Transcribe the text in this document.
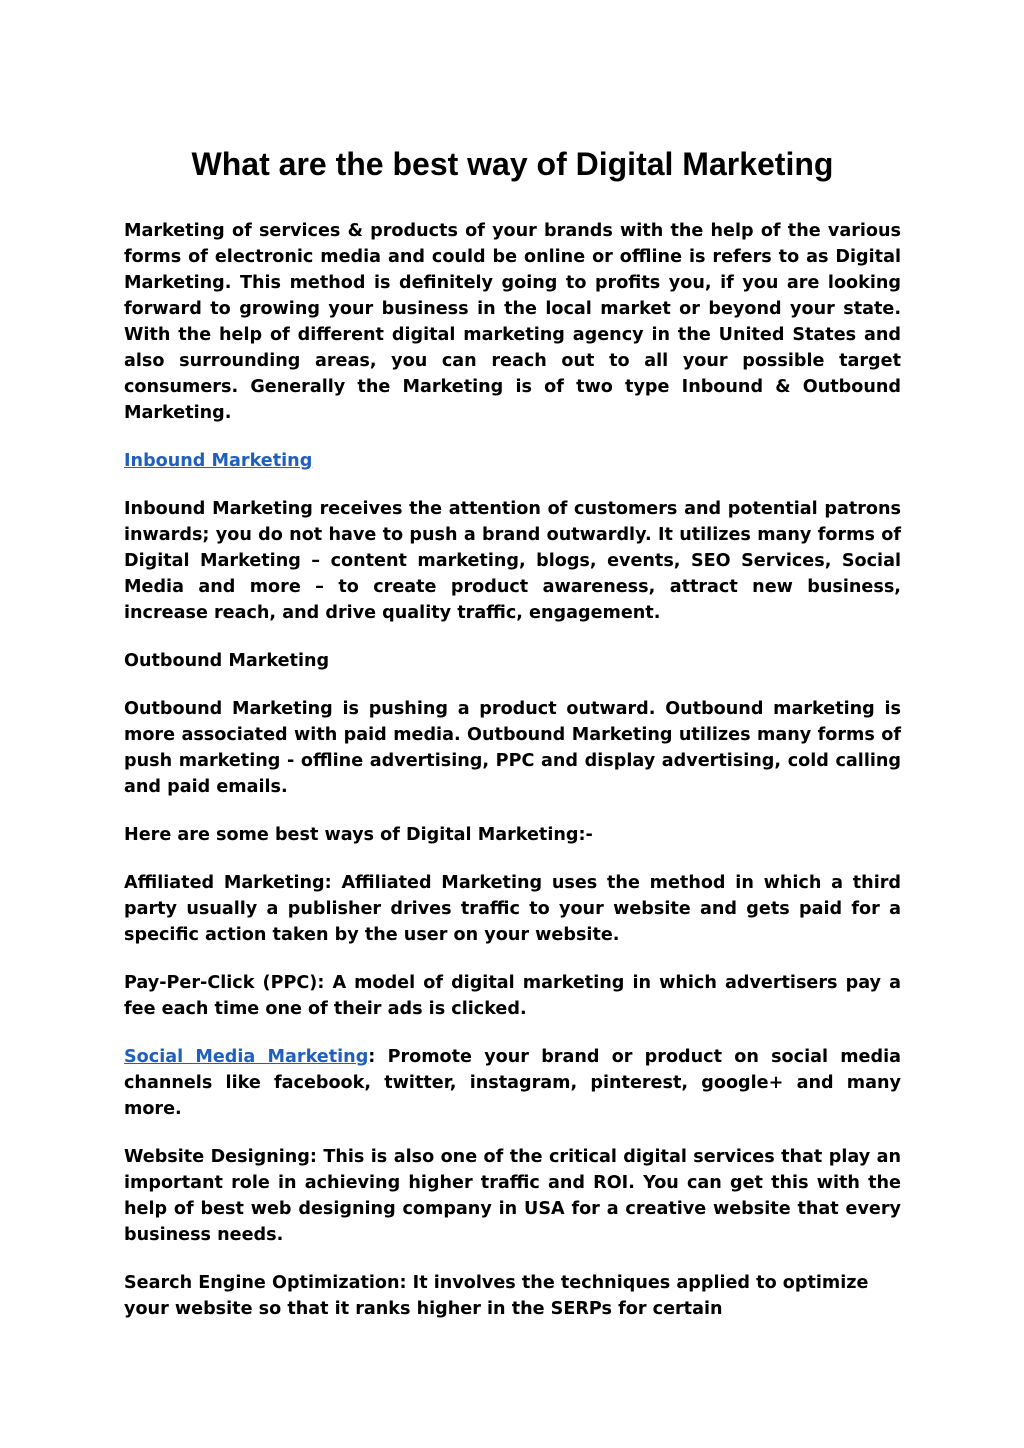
What are the best way of Digital Marketing

Marketing of services & products of your brands with the help of the various forms of electronic media and could be online or offline is refers to as Digital Marketing. This method is definitely going to profits you, if you are looking forward to growing your business in the local market or beyond your state. With the help of different digital marketing agency in the United States and also surrounding areas, you can reach out to all your possible target consumers. Generally the Marketing is of two type Inbound & Outbound Marketing.

Inbound Marketing

Inbound Marketing receives the attention of customers and potential patrons inwards; you do not have to push a brand outwardly. It utilizes many forms of Digital Marketing – content marketing, blogs, events, SEO Services, Social Media and more – to create product awareness, attract new business, increase reach, and drive quality traffic, engagement.

Outbound Marketing

Outbound Marketing is pushing a product outward. Outbound marketing is more associated with paid media. Outbound Marketing utilizes many forms of push marketing - offline advertising, PPC and display advertising, cold calling and paid emails.

Here are some best ways of Digital Marketing:-

Affiliated Marketing: Affiliated Marketing uses the method in which a third party usually a publisher drives traffic to your website and gets paid for a specific action taken by the user on your website.

Pay-Per-Click (PPC): A model of digital marketing in which advertisers pay a fee each time one of their ads is clicked.

Social Media Marketing: Promote your brand or product on social media channels like facebook, twitter, instagram, pinterest, google+ and many more.

Website Designing: This is also one of the critical digital services that play an important role in achieving higher traffic and ROI. You can get this with the help of best web designing company in USA for a creative website that every business needs.

Search Engine Optimization: It involves the techniques applied to optimize your website so that it ranks higher in the SERPs for certain
